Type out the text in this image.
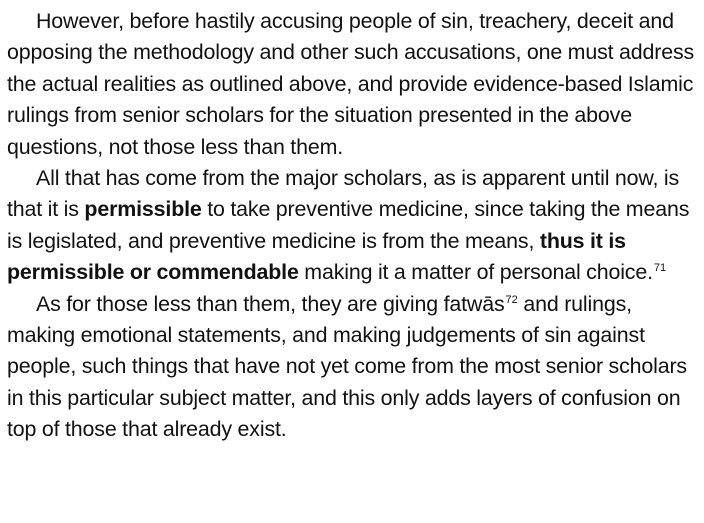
However, before hastily accusing people of sin, treachery, deceit and opposing the methodology and other such accusations, one must address the actual realities as outlined above, and provide evidence-based Islamic rulings from senior scholars for the situation presented in the above questions, not those less than them.

All that has come from the major scholars, as is apparent until now, is that it is permissible to take preventive medicine, since taking the means is legislated, and preventive medicine is from the means, thus it is permissible or commendable making it a matter of personal choice.$^{71}$

As for those less than them, they are giving fatwās$^{72}$ and rulings, making emotional statements, and making judgements of sin against people, such things that have not yet come from the most senior scholars in this particular subject matter, and this only adds layers of confusion on top of those that already exist.
